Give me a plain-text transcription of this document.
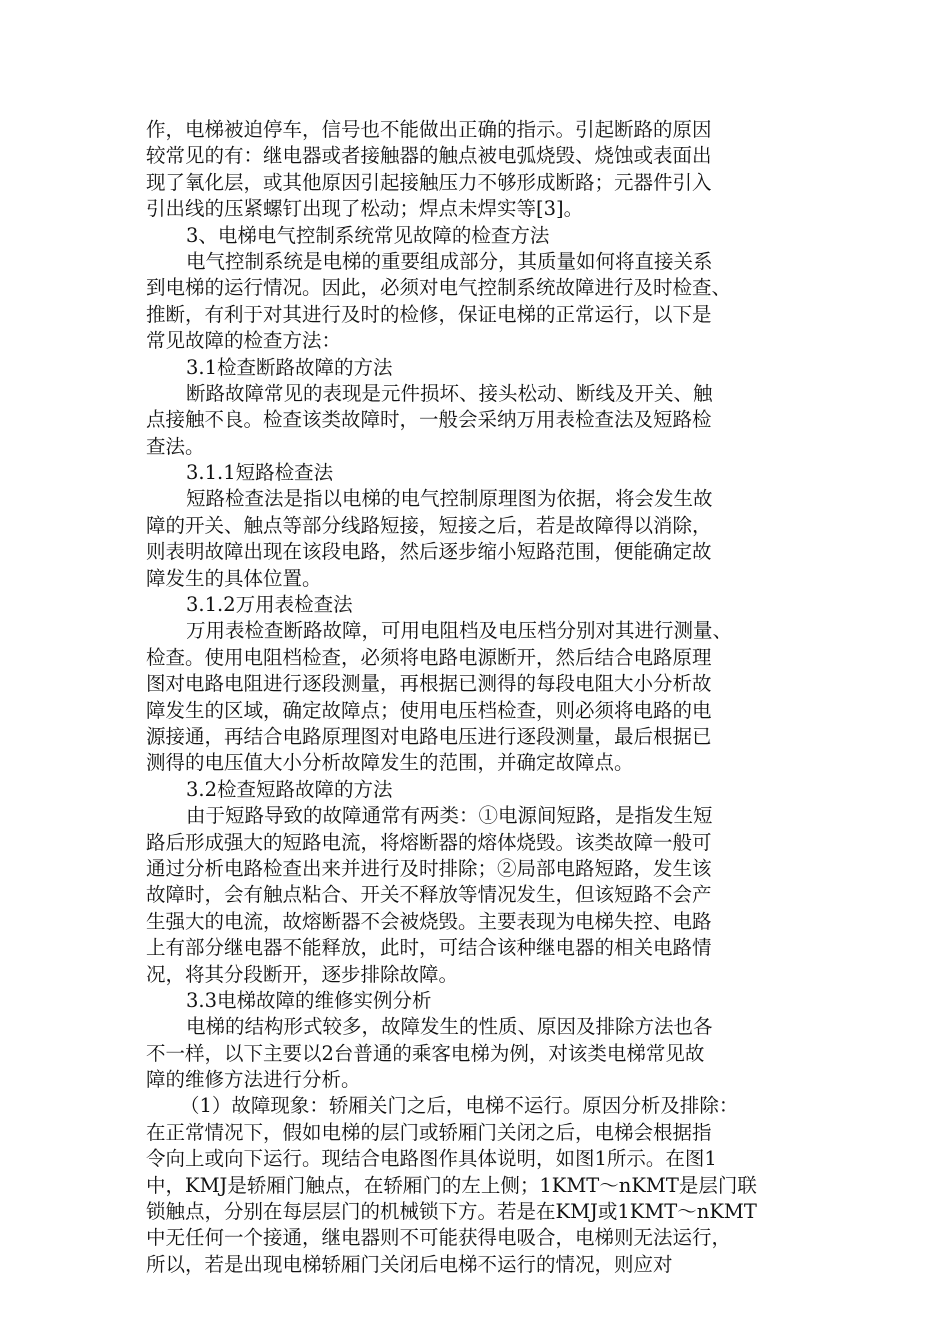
作，电梯被迫停车，信号也不能做出正确的指示。引起断路的原因
较常见的有：继电器或者接触器的触点被电弧烧毁、烧蚀或表面出
现了氧化层，或其他原因引起接触压力不够形成断路；元器件引入
引出线的压紧螺钉出现了松动；焊点未焊实等[3]。
3、电梯电气控制系统常见故障的检查方法
电气控制系统是电梯的重要组成部分，其质量如何将直接关系
到电梯的运行情况。因此，必须对电气控制系统故障进行及时检查、
推断，有利于对其进行及时的检修，保证电梯的正常运行，以下是
常见故障的检查方法：
3.1检查断路故障的方法
断路故障常见的表现是元件损坏、接头松动、断线及开关、触
点接触不良。检查该类故障时，一般会采纳万用表检查法及短路检
查法。
3.1.1短路检查法
短路检查法是指以电梯的电气控制原理图为依据，将会发生故
障的开关、触点等部分线路短接，短接之后，若是故障得以消除，
则表明故障出现在该段电路，然后逐步缩小短路范围，便能确定故
障发生的具体位置。
3.1.2万用表检查法
万用表检查断路故障，可用电阻档及电压档分别对其进行测量、
检查。使用电阻档检查，必须将电路电源断开，然后结合电路原理
图对电路电阻进行逐段测量，再根据已测得的每段电阻大小分析故
障发生的区域，确定故障点；使用电压档检查，则必须将电路的电
源接通，再结合电路原理图对电路电压进行逐段测量，最后根据已
测得的电压值大小分析故障发生的范围，并确定故障点。
3.2检查短路故障的方法
由于短路导致的故障通常有两类：①电源间短路，是指发生短
路后形成强大的短路电流，将熔断器的熔体烧毁。该类故障一般可
通过分析电路检查出来并进行及时排除；②局部电路短路，发生该
故障时，会有触点粘合、开关不释放等情况发生，但该短路不会产
生强大的电流，故熔断器不会被烧毁。主要表现为电梯失控、电路
上有部分继电器不能释放，此时，可结合该种继电器的相关电路情
况，将其分段断开，逐步排除故障。
3.3电梯故障的维修实例分析
电梯的结构形式较多，故障发生的性质、原因及排除方法也各
不一样，以下主要以2台普通的乘客电梯为例，对该类电梯常见故
障的维修方法进行分析。
（1）故障现象：轿厢关门之后，电梯不运行。原因分析及排除：
在正常情况下，假如电梯的层门或轿厢门关闭之后，电梯会根据指
令向上或向下运行。现结合电路图作具体说明，如图1所示。在图1
中，KMJ是轿厢门触点，在轿厢门的左上侧；1KMT～nKMT是层门联
锁触点，分别在每层层门的机械锁下方。若是在KMJ或1KMT～nKMT
中无任何一个接通，继电器则不可能获得电吸合，电梯则无法运行，
所以，若是出现电梯轿厢门关闭后电梯不运行的情况，则应对
